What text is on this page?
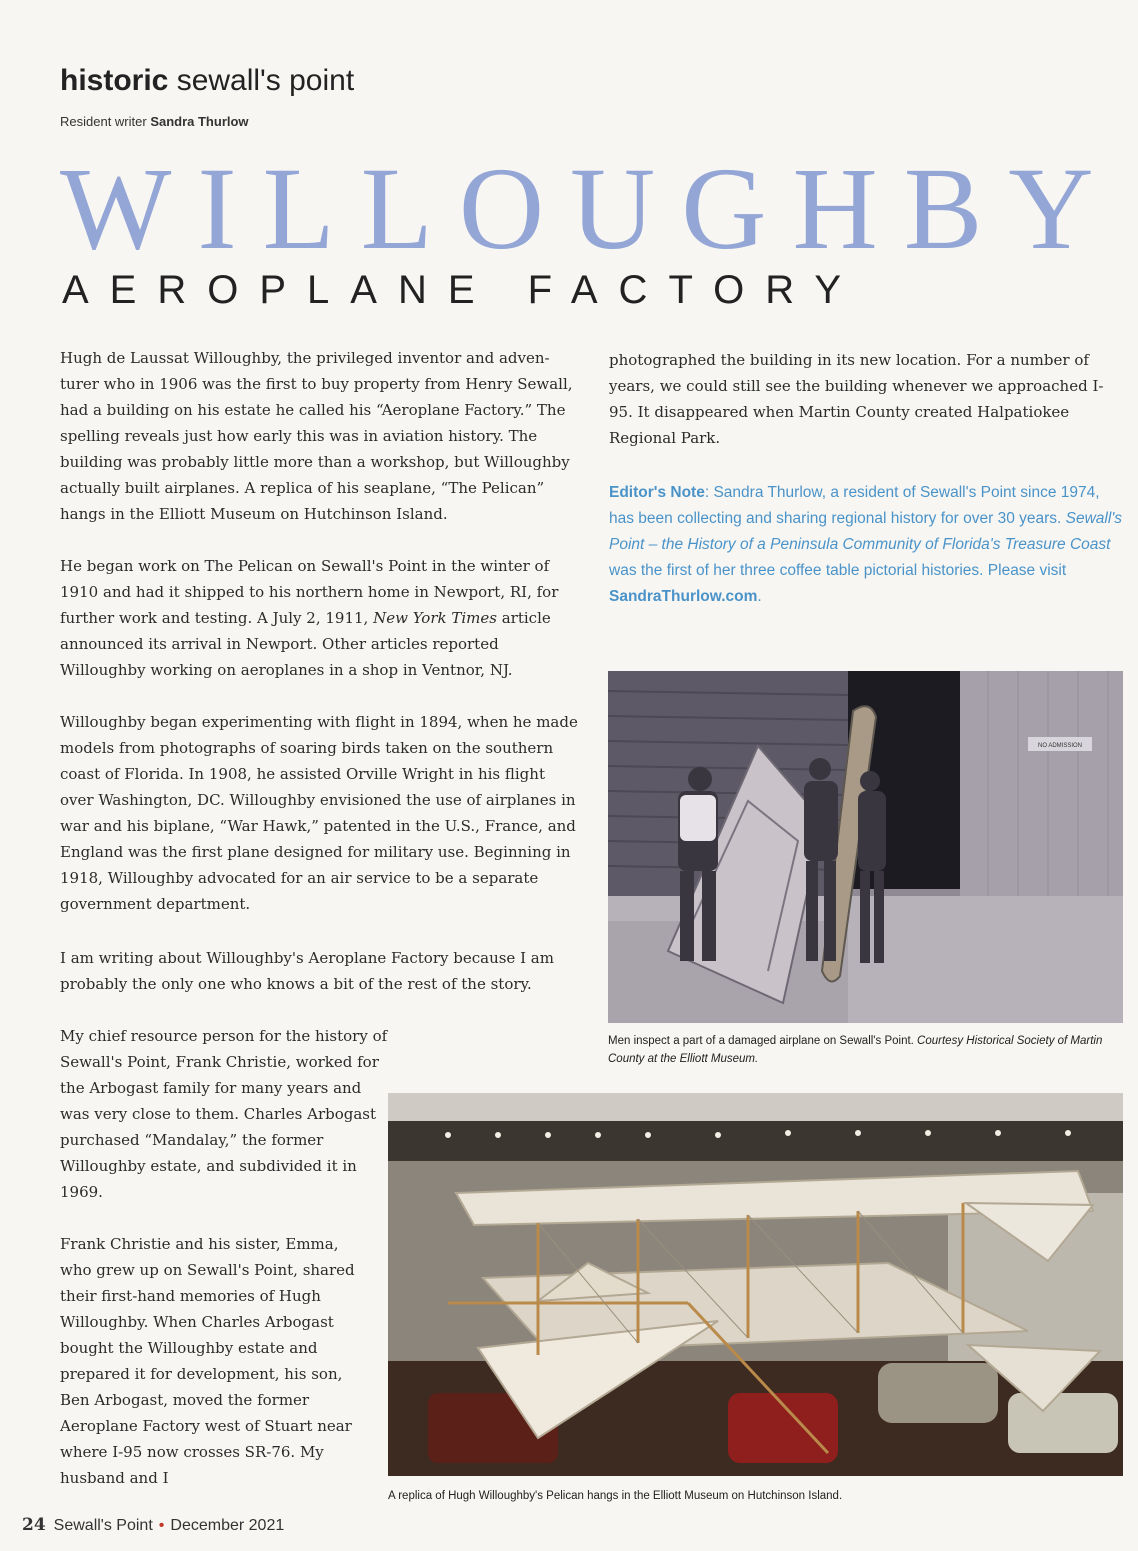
historic sewall's point
Resident writer Sandra Thurlow
WILLOUGHBY
AEROPLANE FACTORY

Hugh de Laussat Willoughby, the privileged inventor and adventurer who in 1906 was the first to buy property from Henry Sewall, had a building on his estate he called his “Aeroplane Factory.” The spelling reveals just how early this was in aviation history. The building was probably little more than a workshop, but Willoughby actually built airplanes. A replica of his seaplane, “The Pelican” hangs in the Elliott Museum on Hutchinson Island.

He began work on The Pelican on Sewall's Point in the winter of 1910 and had it shipped to his northern home in Newport, RI, for further work and testing. A July 2, 1911, New York Times article announced its arrival in Newport. Other articles reported Willoughby working on aeroplanes in a shop in Ventnor, NJ.

Willoughby began experimenting with flight in 1894, when he made models from photographs of soaring birds taken on the southern coast of Florida. In 1908, he assisted Orville Wright in his flight over Washington, DC. Willoughby envisioned the use of airplanes in war and his biplane, “War Hawk,” patented in the U.S., France, and England was the first plane designed for military use. Beginning in 1918, Willoughby advocated for an air service to be a separate government department.

I am writing about Willoughby's Aeroplane Factory because I am probably the only one who knows a bit of the rest of the story.

My chief resource person for the history of Sewall's Point, Frank Christie, worked for the Arbogast family for many years and was very close to them. Charles Arbogast purchased “Mandalay,” the former Willoughby estate, and subdivided it in 1969.

Frank Christie and his sister, Emma, who grew up on Sewall's Point, shared their first-hand memories of Hugh Willoughby. When Charles Arbogast bought the Willoughby estate and prepared it for development, his son, Ben Arbogast, moved the former Aeroplane Factory west of Stuart near where I-95 now crosses SR-76. My husband and I

photographed the building in its new location. For a number of years, we could still see the building whenever we approached I-95. It disappeared when Martin County created Halpatiokee Regional Park.

Editor's Note: Sandra Thurlow, a resident of Sewall's Point since 1974, has been collecting and sharing regional history for over 30 years. Sewall's Point – the History of a Peninsula Community of Florida's Treasure Coast was the first of her three coffee table pictorial histories. Please visit SandraThurlow.com.

NO ADMISSION

Men inspect a part of a damaged airplane on Sewall's Point. Courtesy Historical Society of Martin County at the Elliott Museum.

A replica of Hugh Willoughby's Pelican hangs in the Elliott Museum on Hutchinson Island.

24 Sewall's Point • December 2021
